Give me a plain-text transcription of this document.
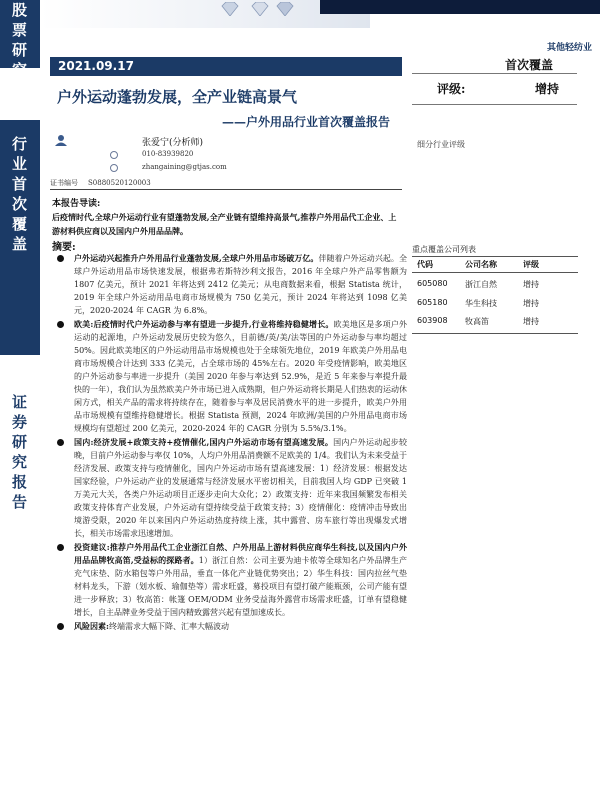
股
票
研
究
行
业
首
次
覆
盖
证
券
研
究
报
告
其他轻纺业
2021.09.17
户外运动蓬勃发展，全产业链高景气
——户外用品行业首次覆盖报告
首次覆盖
评级:	增持
细分行业评级
张爱宁(分析师)
010-83939820
zhangaining@gtjas.com
证书编号 S0880520120003
本报告导读:
后疫情时代,全球户外运动行业有望蓬勃发展,全产业链有望维持高景气,推荐户外用品代工企业、上游材料供应商以及国内户外用品品牌。
摘要:
户外运动兴起推升户外用品行业蓬勃发展,全球户外用品市场破万亿。伴随着户外运动兴起。全球户外运动用品市场快速发展，根据弗若斯特沙利文报告，2016 年全球户外产品零售额为 1807 亿美元，预计 2021 年将达到 2412 亿美元；从电商数据来看，根据 Statista 统计，2019 年全球户外运动用品电商市场规模为 750 亿美元，预计 2024 年将达到 1098 亿美元，2020-2024 年 CAGR 为 6.8%。
欧美:后疫情时代户外运动参与率有望进一步提升,行业将维持稳健增长。欧美地区是多项户外运动的起源地，户外运动发展历史较为悠久，目前德/英/美/法等国的户外运动参与率均超过 50%。因此欧美地区的户外运动用品市场规模也处于全球领先地位，2019 年欧美户外用品电商市场规模合计达到 333 亿美元，占全球市场的 45%左右。2020 年受疫情影响，欧美地区的户外运动参与率进一步提升（美国 2020 年参与率达到 52.9%，是近 5 年来参与率提升最快的一年），我们认为虽然欧美户外市场已进入成熟期，但户外运动将长期是人们热衷的运动休闲方式，相关产品的需求将持续存在，随着参与率及居民消费水平的进一步提升，欧美户外用品市场规模有望维持稳健增长。根据 Statista 预测，2024 年欧洲/美国的户外用品电商市场规模均有望超过 200 亿美元，2020-2024 年的 CAGR 分别为 5.5%/3.1%。
国内:经济发展+政策支持+疫情催化,国内户外运动市场有望高速发展。国内户外运动起步较晚，目前户外运动参与率仅 10%，人均户外用品消费额不足欧美的 1/4。我们认为未来受益于经济发展、政策支持与疫情催化，国内户外运动市场有望高速发展：1）经济发展：根据发达国家经验，户外运动产业的发展通常与经济发展水平密切相关，目前我国人均 GDP 已突破 1 万美元大关，各类户外运动项目正逐步走向大众化；2）政策支持：近年来我国频繁发布相关政策支持体育产业发展，户外运动有望持续受益于政策支持；3）疫情催化：疫情冲击导致出境游受限，2020 年以来国内户外运动热度持续上涨，其中露营、房车旅行等出现爆发式增长，相关市场需求迅速增加。
投资建议:推荐户外用品代工企业浙江自然、户外用品上游材料供应商华生科技,以及国内户外用品品牌牧高笛,受益标的探路者。1）浙江自然：公司主要为迪卡侬等全球知名户外品牌生产充气床垫、防水箱包等户外用品，垂直一体化产业链优势突出；2）华生科技：国内拉丝气垫材料龙头，下游（划水板、瑜伽垫等）需求旺盛，募投项目有望打破产能瓶颈，公司产能有望进一步释放；3）牧高笛：帐篷 OEM/ODM 业务受益海外露营市场需求旺盛，订单有望稳健增长，自主品牌业务受益于国内精致露营兴起有望加速成长。
风险因素:终端需求大幅下降、汇率大幅波动
重点覆盖公司列表
代码	公司名称	评级
605080 浙江自然	增持
605180 华生科技	增持
603908 牧高笛	增持
